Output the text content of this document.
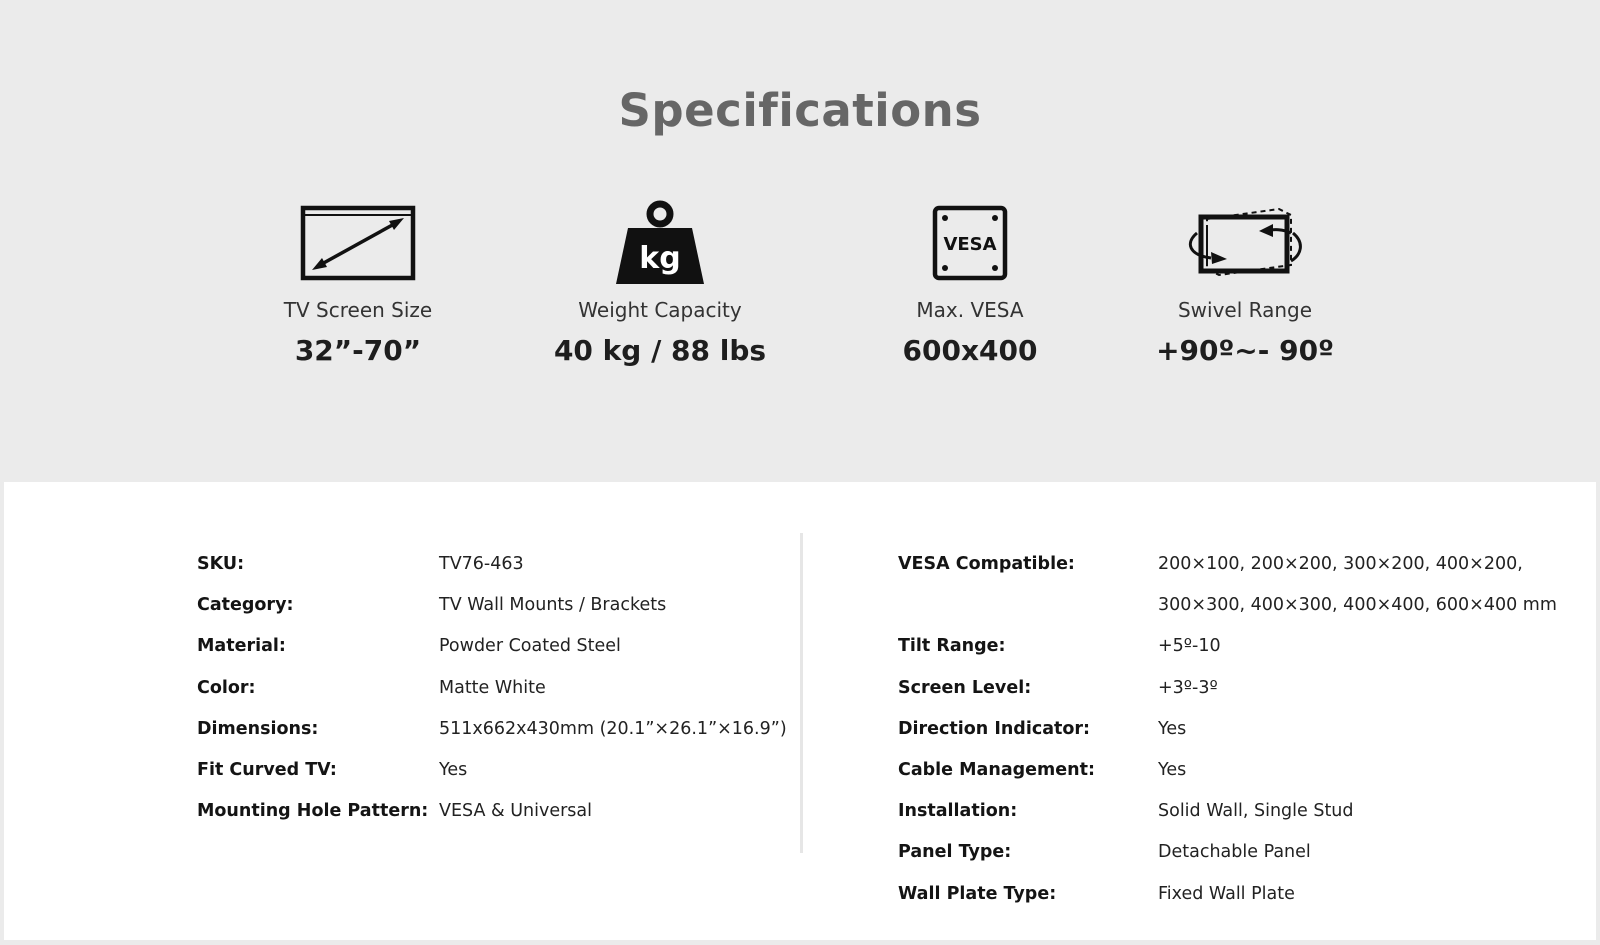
Specifications
TV Screen Size
32”-70”
kg
Weight Capacity
40 kg / 88 lbs
VESA
Max. VESA
600x400
Swivel Range
+90º~- 90º
SKU:	TV76-463
Category:	TV Wall Mounts / Brackets
Material:	Powder Coated Steel
Color:	Matte White
Dimensions:	511x662x430mm (20.1”×26.1”×16.9”)
Fit Curved TV:	Yes
Mounting Hole Pattern: VESA & Universal
VESA Compatible:	200×100, 200×200, 300×200, 400×200,
300×300, 400×300, 400×400, 600×400 mm
Tilt Range:	+5º-10
Screen Level:	+3º-3º
Direction Indicator:	Yes
Cable Management:	Yes
Installation:	Solid Wall, Single Stud
Panel Type:	Detachable Panel
Wall Plate Type:	Fixed Wall Plate
